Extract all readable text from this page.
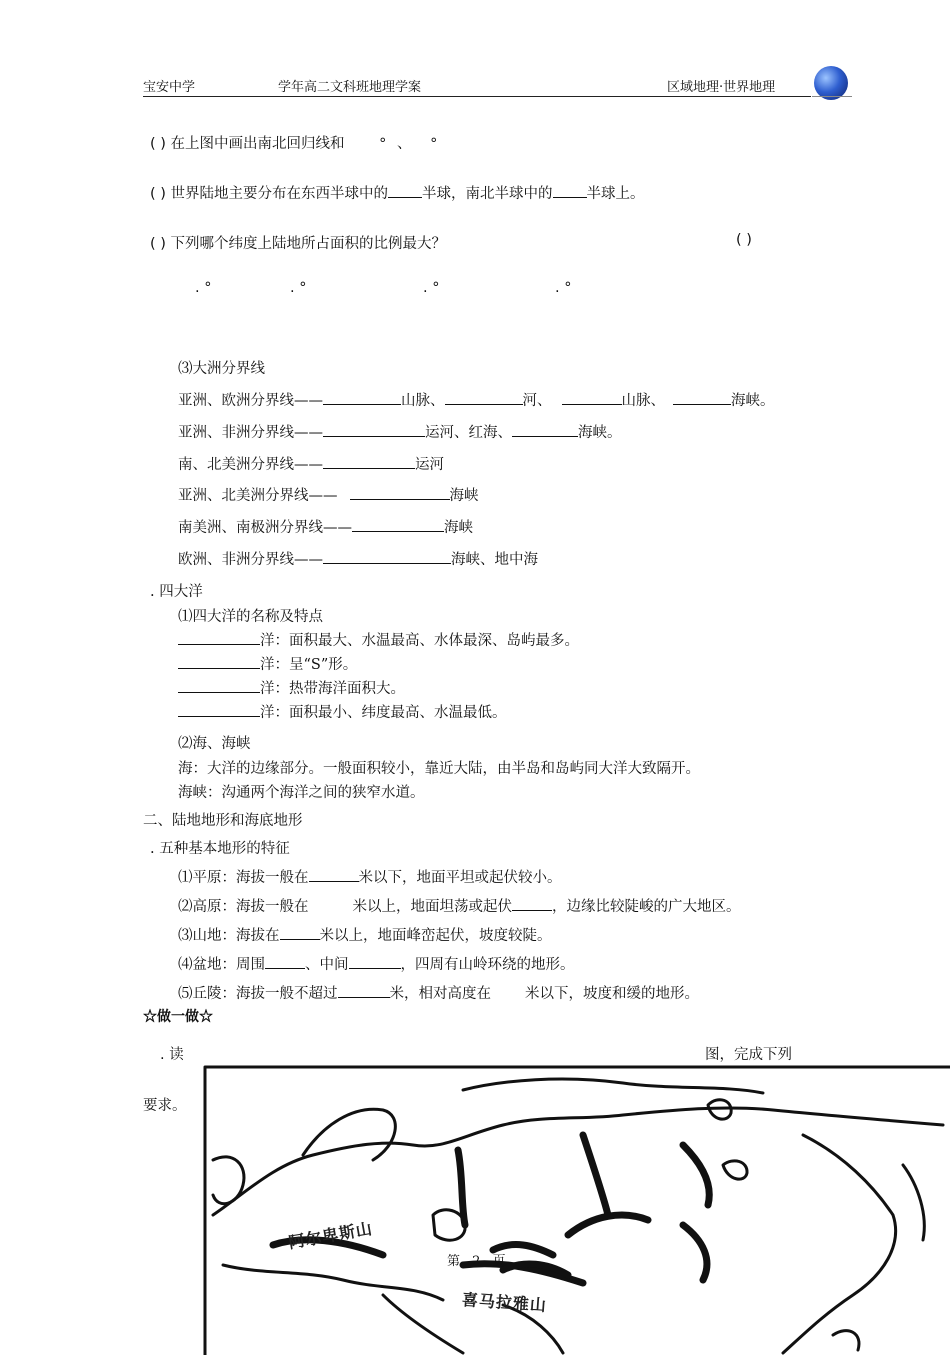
宝安中学	学年高二文科班地理学案	区域地理·世界地理
( ) 在上图中画出南北回归线和 ° 、 °
( ) 世界陆地主要分布在东西半球中的 半球，南北半球中的 半球上。
( ) 下列哪个纬度上陆地所占面积的比例最大？	( )
. °	. °	. °	. °
⑶大洲分界线
亚洲、欧洲分界线——	山脉、	河、	山脉、	海峡。
亚洲、非洲分界线——	运河、红海、	海峡。
南、北美洲分界线——	运河
亚洲、北美洲分界线——	海峡
南美洲、南极洲分界线——	海峡
欧洲、非洲分界线——	海峡、地中海
. 四大洋
⑴四大洋的名称及特点
洋：面积最大、水温最高、水体最深、岛屿最多。
洋：呈“S”形。
洋：热带海洋面积大。
洋：面积最小、纬度最高、水温最低。
⑵海、海峡
海：大洋的边缘部分。一般面积较小，靠近大陆，由半岛和岛屿同大洋大致隔开。
海峡：沟通两个海洋之间的狭窄水道。
二、陆地地形和海底地形
. 五种基本地形的特征
⑴平原：海拔一般在	米以下，地面平坦或起伏较小。
⑵高原：海拔一般在	米以上，地面坦荡或起伏	，边缘比较陡峻的广大地区。
⑶山地：海拔在	米以上，地面峰峦起伏，坡度较陡。
⑷盆地：周围	、中间	，四周有山岭环绕的地形。
⑸丘陵：海拔一般不超过	米，相对高度在 米以下，坡度和缓的地形。
☆做一做☆
. 读	图，完成下列
要求。
阿尔卑斯山
喜马拉雅山
第 2 页
